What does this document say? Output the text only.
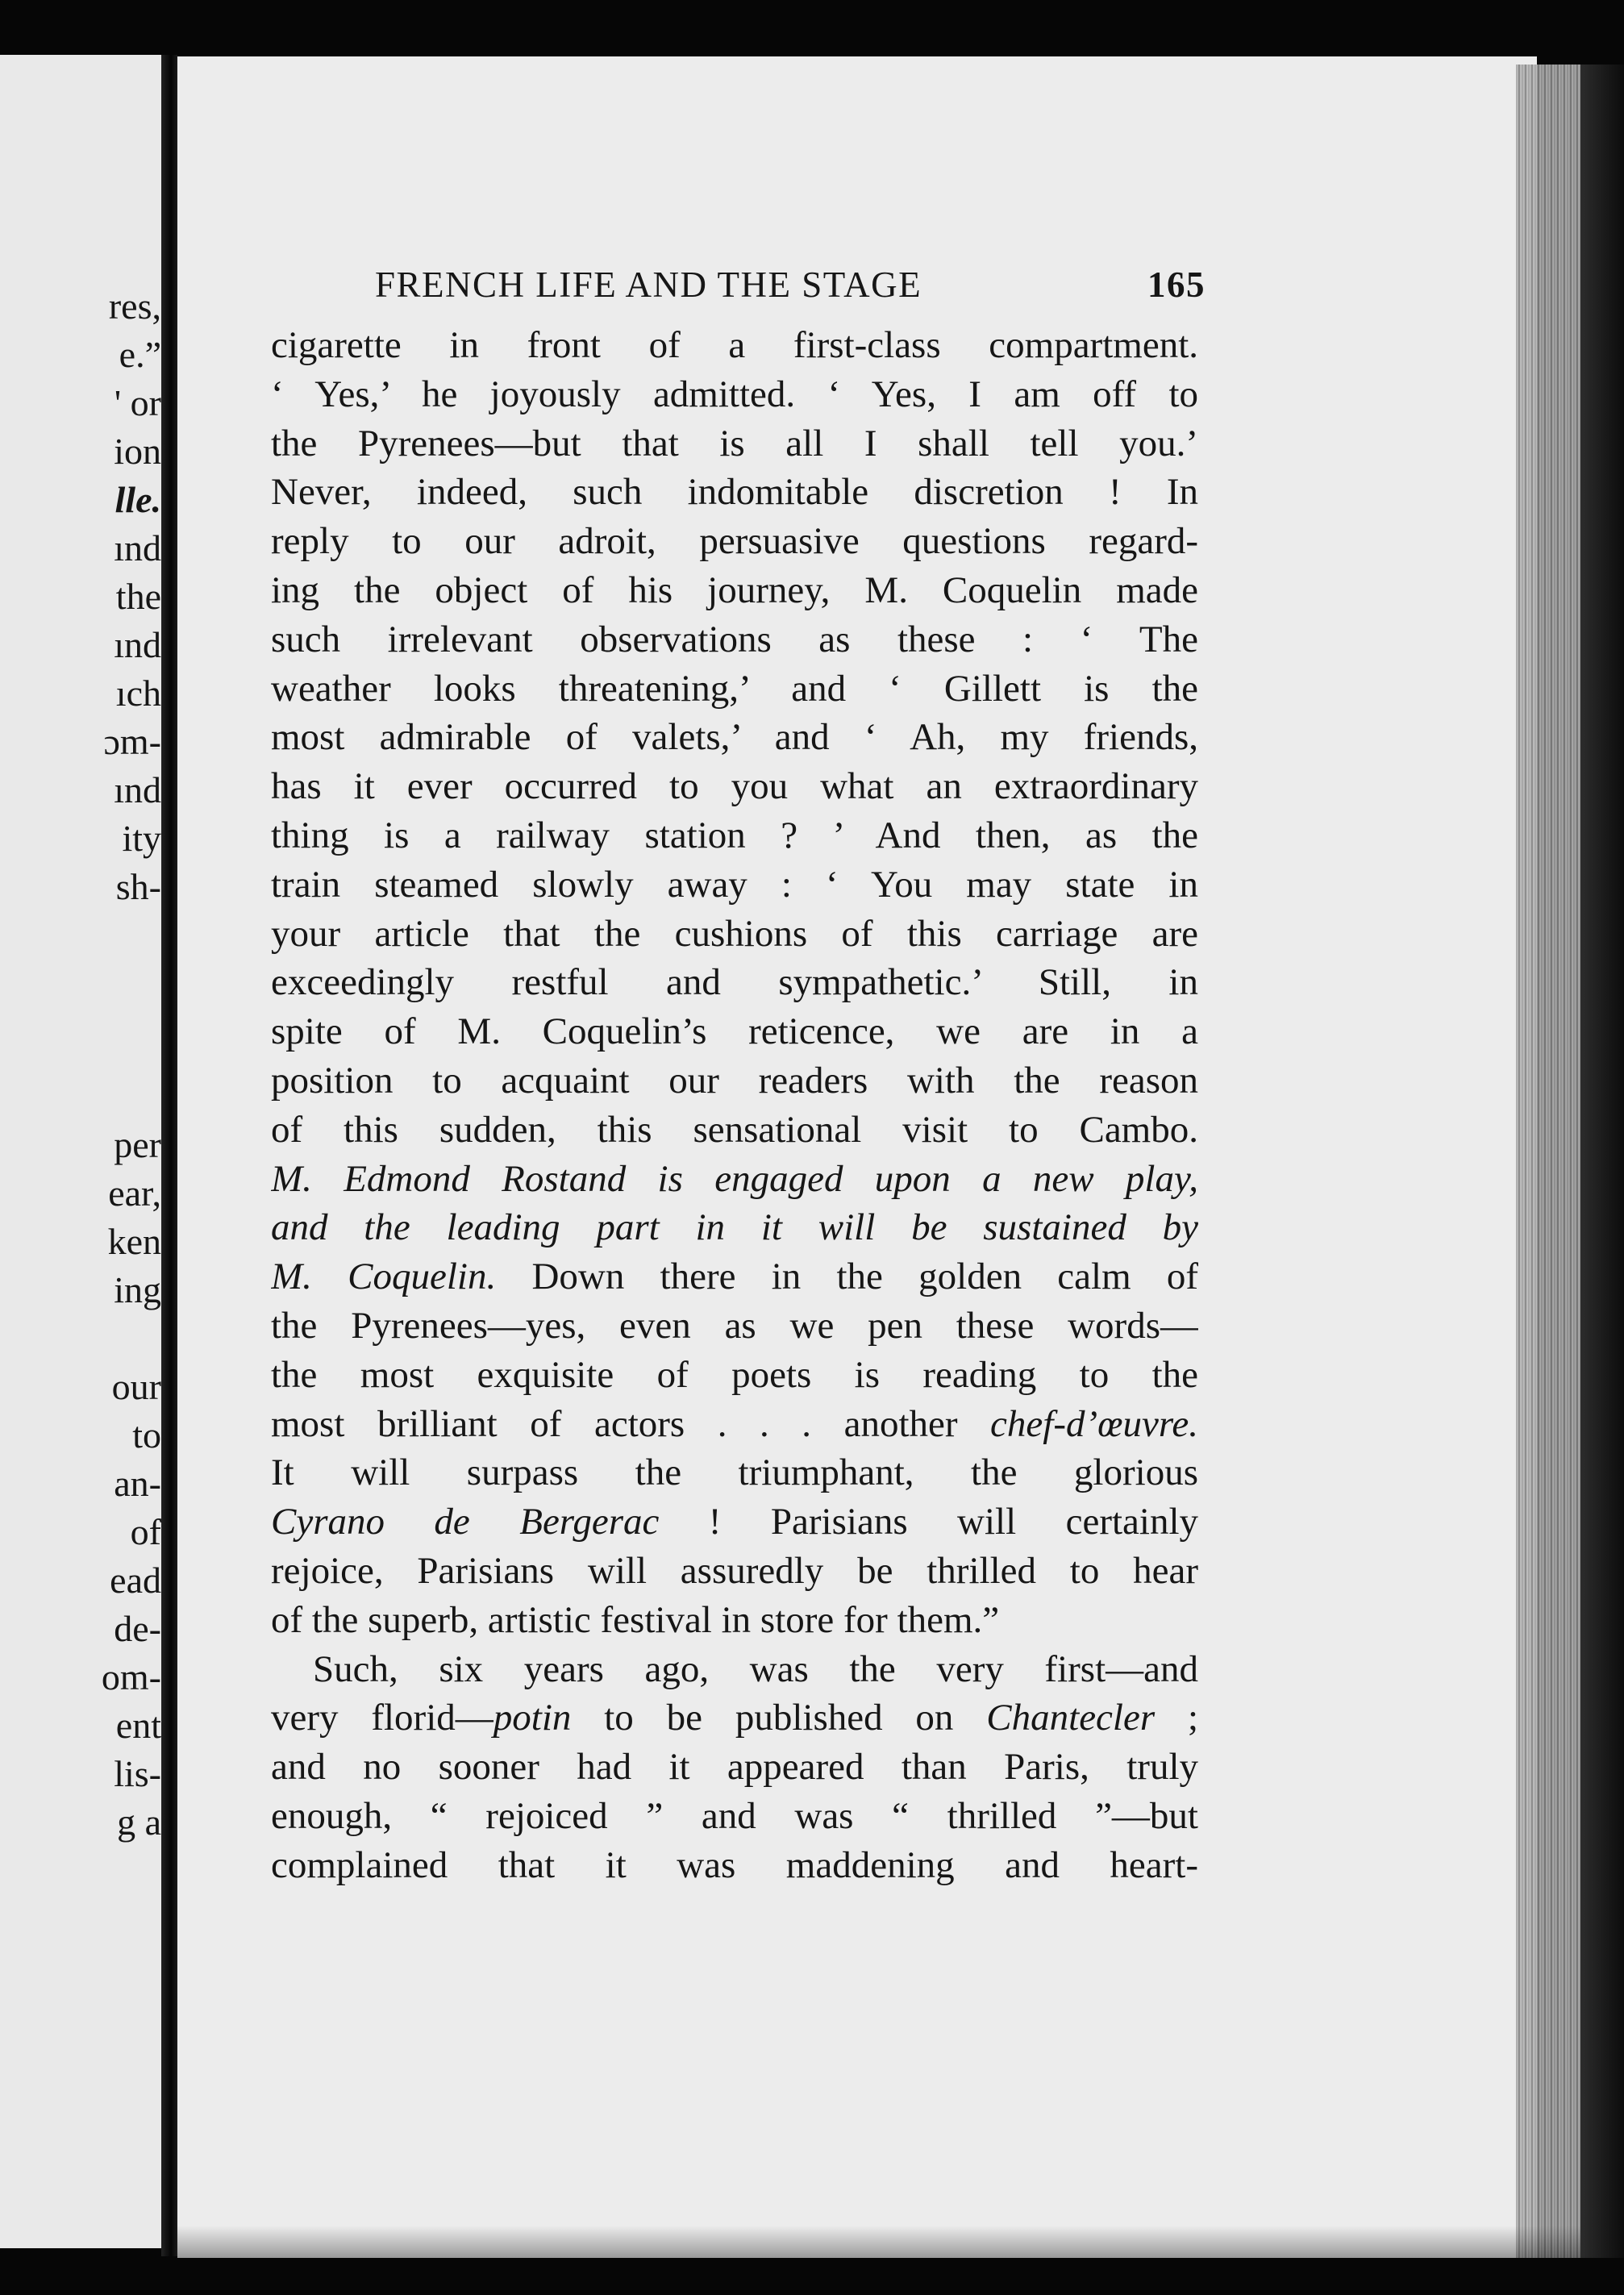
res,
e.”
' or
ion
lle.
ınd
the
ınd
ıch
ɔm-
ınd
ity
sh-
per
ear,
ken
ing
our
to
an-
of
ead
de-
om-
ent
lis-
g a
FRENCH LIFE AND THE STAGE	165
cigarette in front of a first-class compartment.
‘ Yes,’ he joyously admitted. ‘ Yes, I am off to
the Pyrenees—but that is all I shall tell you.’
Never, indeed, such indomitable discretion ! In
reply to our adroit, persuasive questions regard-
ing the object of his journey, M. Coquelin made
such irrelevant observations as these : ‘ The
weather looks threatening,’ and ‘ Gillett is the
most admirable of valets,’ and ‘ Ah, my friends,
has it ever occurred to you what an extraordinary
thing is a railway station ? ’ And then, as the
train steamed slowly away : ‘ You may state in
your article that the cushions of this carriage are
exceedingly restful and sympathetic.’ Still, in
spite of M. Coquelin’s reticence, we are in a
position to acquaint our readers with the reason
of this sudden, this sensational visit to Cambo.
M. Edmond Rostand is engaged upon a new play,
and the leading part in it will be sustained by
M. Coquelin. Down there in the golden calm of
the Pyrenees—yes, even as we pen these words—
the most exquisite of poets is reading to the
most brilliant of actors . . . another chef-d’œuvre.
It will surpass the triumphant, the glorious
Cyrano de Bergerac ! Parisians will certainly
rejoice, Parisians will assuredly be thrilled to hear
of the superb, artistic festival in store for them.”
Such, six years ago, was the very first—and
very florid—potin to be published on Chantecler ;
and no sooner had it appeared than Paris, truly
enough, “ rejoiced ” and was “ thrilled ”—but
complained that it was maddening and heart-
